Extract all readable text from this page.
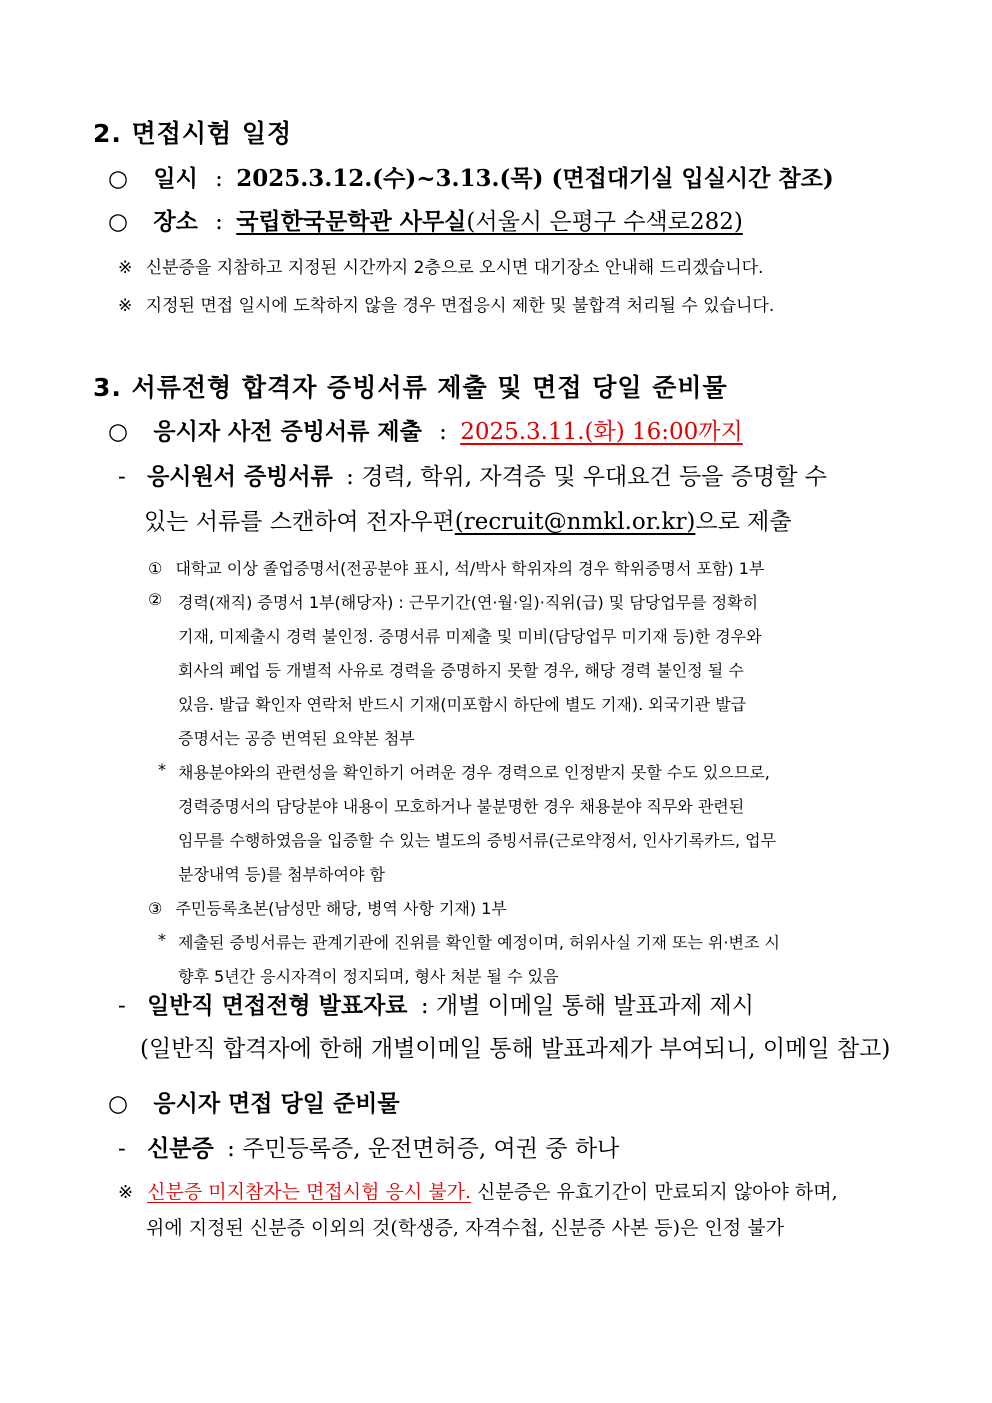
2. 면접시험 일정
○ 일시 : 2025.3.12.(수)~3.13.(목) (면접대기실 입실시간 참조)
○ 장소 : 국립한국문학관 사무실(서울시 은평구 수색로282)
※ 신분증을 지참하고 지정된 시간까지 2층으로 오시면 대기장소 안내해 드리겠습니다.
※ 지정된 면접 일시에 도착하지 않을 경우 면접응시 제한 및 불합격 처리될 수 있습니다.
3. 서류전형 합격자 증빙서류 제출 및 면접 당일 준비물
○ 응시자 사전 증빙서류 제출 : 2025.3.11.(화) 16:00까지
- 응시원서 증빙서류 : 경력, 학위, 자격증 및 우대요건 등을 증명할 수
있는 서류를 스캔하여 전자우편(recruit@nmkl.or.kr)으로 제출
① 대학교 이상 졸업증명서(전공분야 표시, 석/박사 학위자의 경우 학위증명서 포함) 1부
② 경력(재직) 증명서 1부(해당자) : 근무기간(연·월·일)·직위(급) 및 담당업무를 정확히
기재, 미제출시 경력 불인정. 증명서류 미제출 및 미비(담당업무 미기재 등)한 경우와
회사의 폐업 등 개별적 사유로 경력을 증명하지 못할 경우, 해당 경력 불인정 될 수
있음. 발급 확인자 연락처 반드시 기재(미포함시 하단에 별도 기재). 외국기관 발급
증명서는 공증 번역된 요약본 첨부
* 채용분야와의 관련성을 확인하기 어려운 경우 경력으로 인정받지 못할 수도 있으므로,
경력증명서의 담당분야 내용이 모호하거나 불분명한 경우 채용분야 직무와 관련된
임무를 수행하였음을 입증할 수 있는 별도의 증빙서류(근로약정서, 인사기록카드, 업무
분장내역 등)를 첨부하여야 함
③ 주민등록초본(남성만 해당, 병역 사항 기재) 1부
* 제출된 증빙서류는 관계기관에 진위를 확인할 예정이며, 허위사실 기재 또는 위·변조 시
향후 5년간 응시자격이 정지되며, 형사 처분 될 수 있음
- 일반직 면접전형 발표자료 : 개별 이메일 통해 발표과제 제시
(일반직 합격자에 한해 개별이메일 통해 발표과제가 부여되니, 이메일 참고)
○ 응시자 면접 당일 준비물
- 신분증 : 주민등록증, 운전면허증, 여권 중 하나
※ 신분증 미지참자는 면접시험 응시 불가. 신분증은 유효기간이 만료되지 않아야 하며,
위에 지정된 신분증 이외의 것(학생증, 자격수첩, 신분증 사본 등)은 인정 불가
